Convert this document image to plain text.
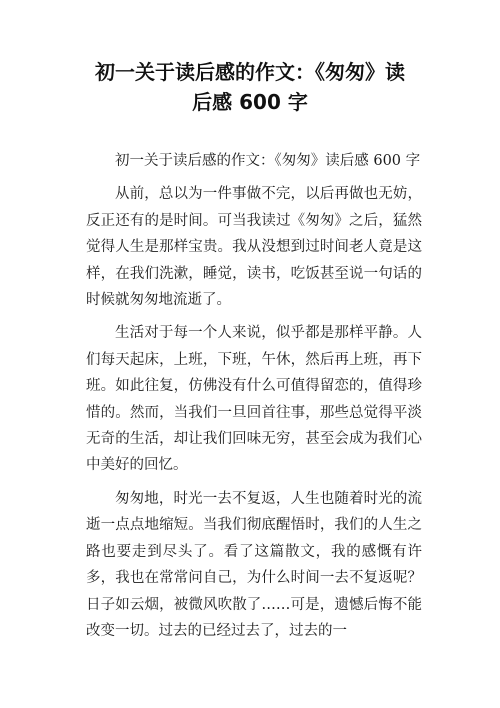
初一关于读后感的作文：《匆匆》读
后感 600 字

初一关于读后感的作文：《匆匆》读后感 600 字

从前，总以为一件事做不完，以后再做也无妨，反正还有的是时间。可当我读过《匆匆》之后，猛然觉得人生是那样宝贵。我从没想到过时间老人竟是这样，在我们洗漱，睡觉，读书，吃饭甚至说一句话的时候就匆匆地流逝了。

生活对于每一个人来说，似乎都是那样平静。人们每天起床，上班，下班，午休，然后再上班，再下班。如此往复，仿佛没有什么可值得留恋的，值得珍惜的。然而，当我们一旦回首往事，那些总觉得平淡无奇的生活，却让我们回味无穷，甚至会成为我们心中美好的回忆。

匆匆地，时光一去不复返，人生也随着时光的流逝一点点地缩短。当我们彻底醒悟时，我们的人生之路也要走到尽头了。看了这篇散文，我的感慨有许多，我也在常常问自己，为什么时间一去不复返呢？日子如云烟，被微风吹散了……可是，遗憾后悔不能改变一切。过去的已经过去了，过去的一
